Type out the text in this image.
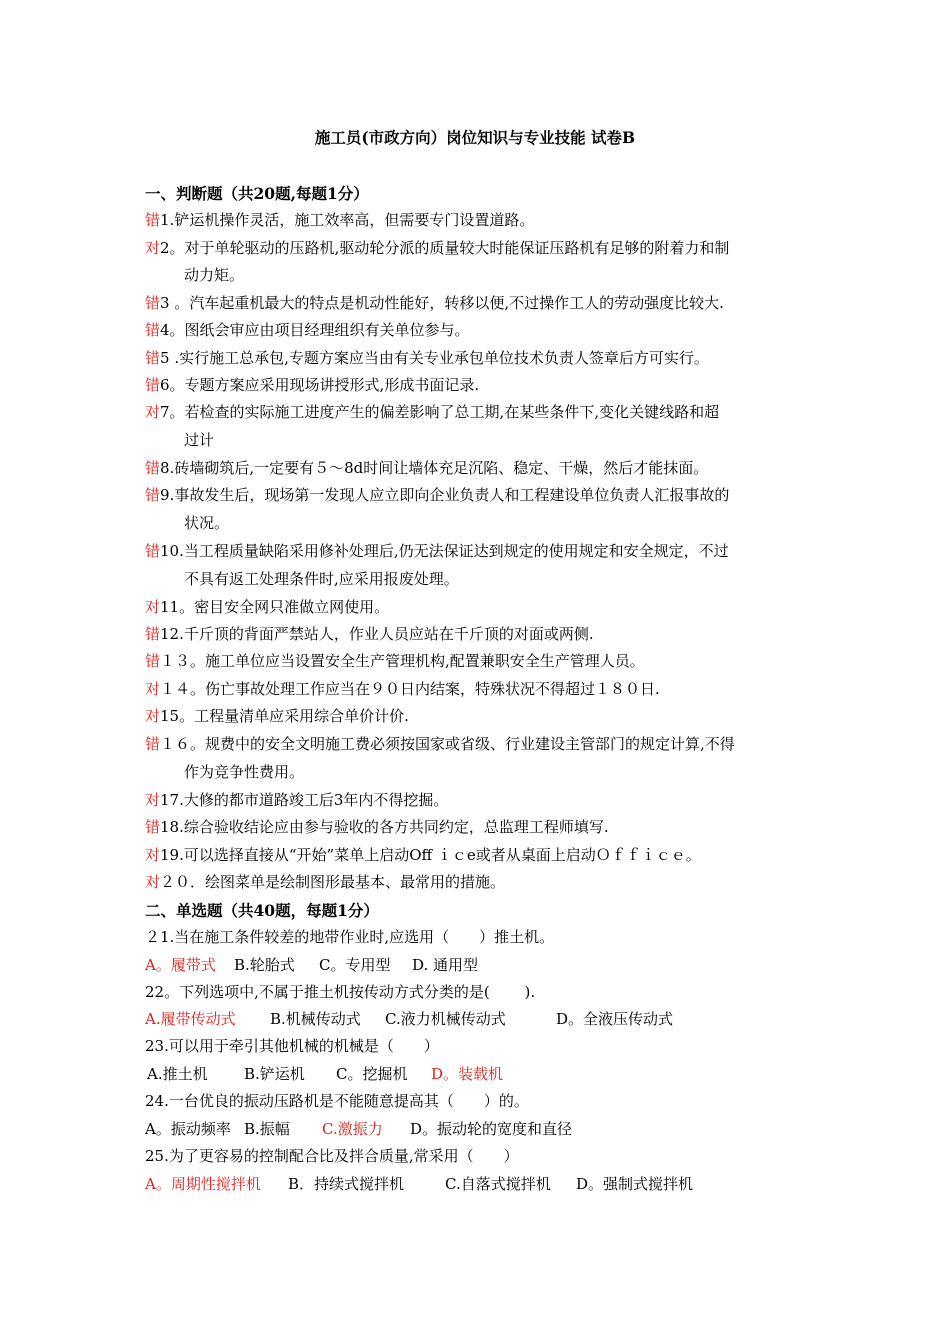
施工员(市政方向）岗位知识与专业技能 试卷B
一、判断题（共20题,每题1分）
错1.铲运机操作灵活，施工效率高，但需要专门设置道路。
对2。对于单轮驱动的压路机,驱动轮分派的质量较大时能保证压路机有足够的附着力和制
动力矩。
错3 。汽车起重机最大的特点是机动性能好，转移以便,不过操作工人的劳动强度比较大.
错4。图纸会审应由项目经理组织有关单位参与。
错5 .实行施工总承包,专题方案应当由有关专业承包单位技术负责人签章后方可实行。
错6。专题方案应采用现场讲授形式,形成书面记录.
对7。若检查的实际施工进度产生的偏差影响了总工期,在某些条件下,变化关键线路和超
过计
错8.砖墙砌筑后,一定要有５～8d时间让墙体充足沉陷、稳定、干燥，然后才能抹面。
错9.事故发生后，现场第一发现人应立即向企业负责人和工程建设单位负责人汇报事故的
状况。
错10.当工程质量缺陷采用修补处理后,仍无法保证达到规定的使用规定和安全规定，不过
不具有返工处理条件时,应采用报废处理。
对11。密目安全网只准做立网使用。
错12.千斤顶的背面严禁站人，作业人员应站在千斤顶的对面或两侧.
错１３。施工单位应当设置安全生产管理机构,配置兼职安全生产管理人员。
对１４。伤亡事故处理工作应当在９０日内结案，特殊状况不得超过１８０日.
对15。工程量清单应采用综合单价计价.
错１６。规费中的安全文明施工费必须按国家或省级、行业建设主管部门的规定计算,不得
作为竞争性费用。
对17.大修的都市道路竣工后3年内不得挖掘。
错18.综合验收结论应由参与验收的各方共同约定，总监理工程师填写.
对19.可以选择直接从“开始”菜单上启动Off ｉｃe或者从桌面上启动Ｏｆｆｉｃｅ。
对２０．绘图菜单是绘制图形最基本、最常用的措施。
二、单选题（共40题，每题1分）
２1.当在施工条件较差的地带作业时,应选用（　　）推土机。
A。履带式 B.轮胎式 C。专用型 D. 通用型
22。下列选项中,不属于推土机按传动方式分类的是(　　 ).
A.履带传动式 B.机械传动式 C.液力机械传动式	D。全液压传动式
23.可以用于牵引其他机械的机械是（　　）
A.推土机 B.铲运机 C。挖掘机 D。装载机
24.一台优良的振动压路机是不能随意提高其（　　）的。
A。振动频率 B.振幅 C.激振力 D。振动轮的宽度和直径
25.为了更容易的控制配合比及拌合质量,常采用（　　）
A。周期性搅拌机 B．持续式搅拌机	C.自落式搅拌机 D。强制式搅拌机
